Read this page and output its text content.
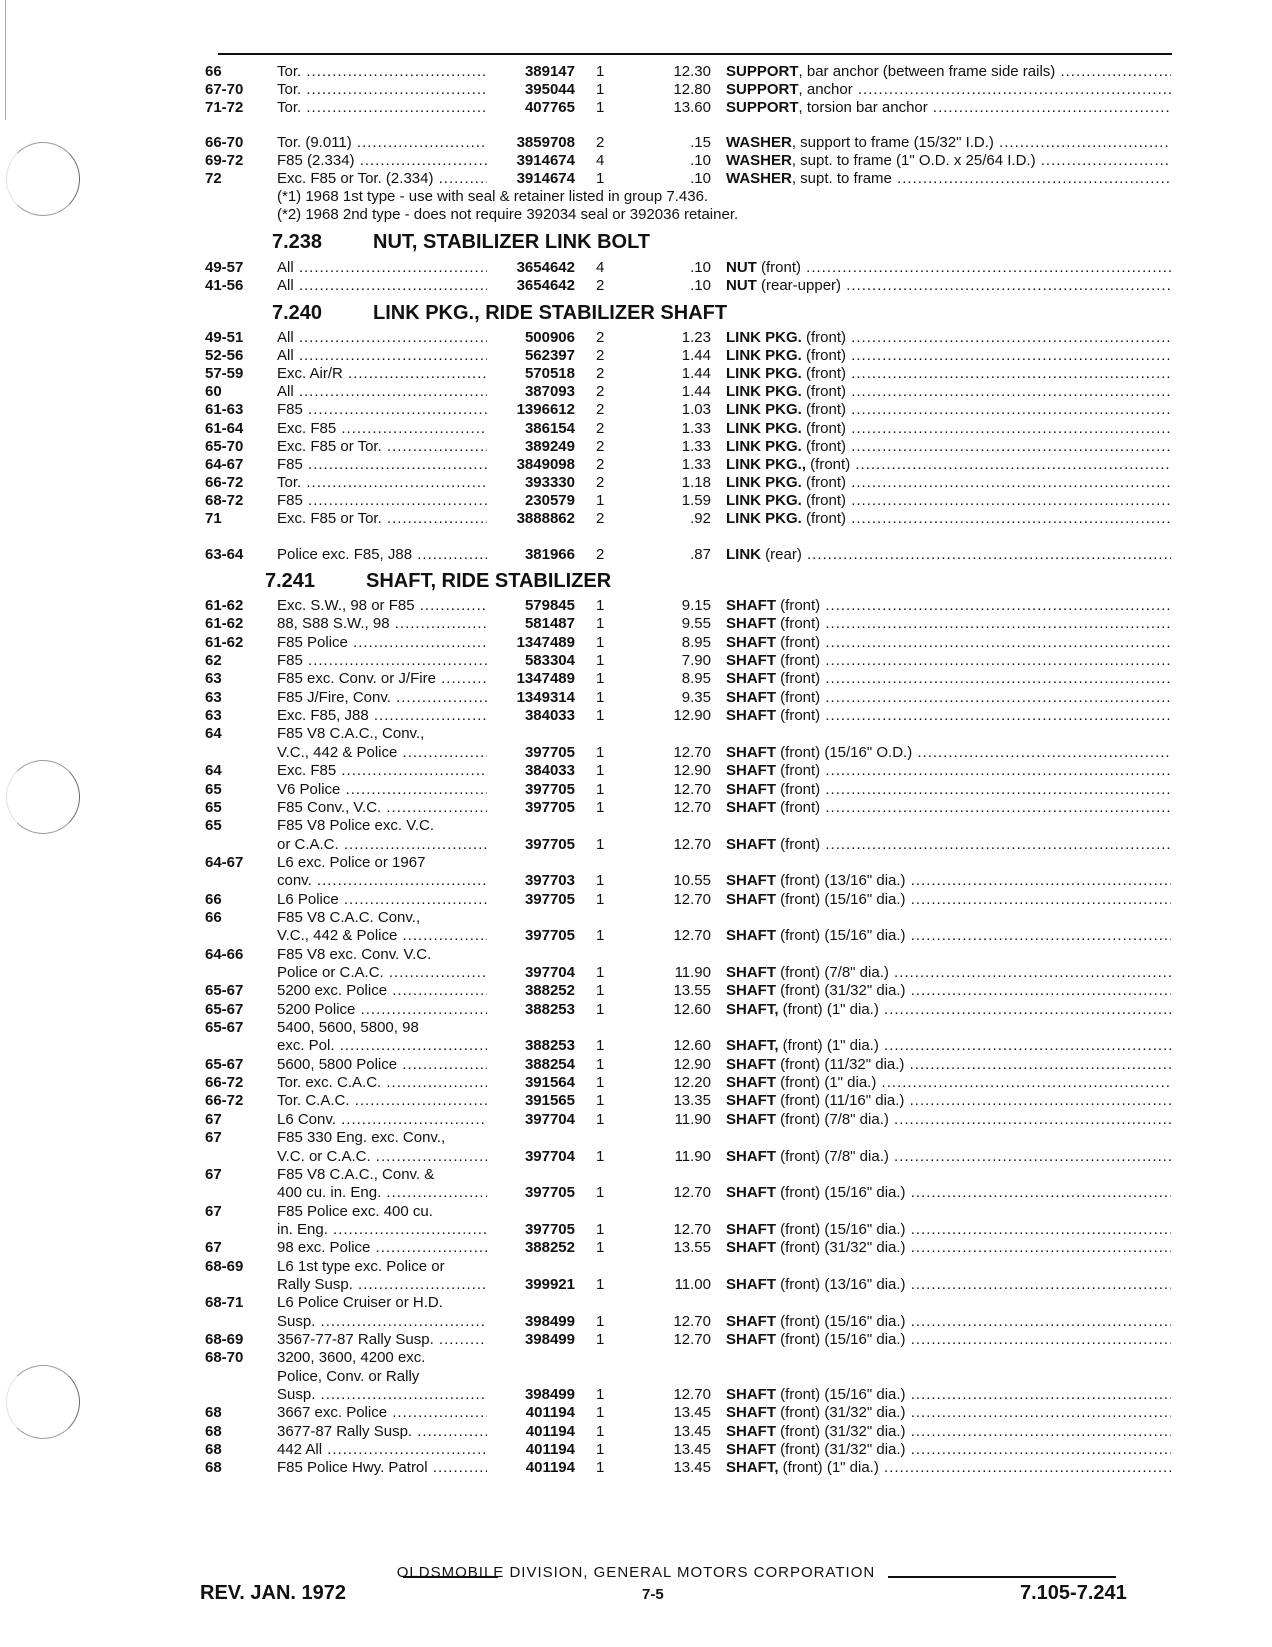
66	Tor. .....	389147 1	12.30 SUPPORT, bar anchor (between frame side rails) .....
67-70 Tor. .....	395044 1	12.80 SUPPORT, anchor .....
71-72 Tor. .....	407765 1	13.60 SUPPORT, torsion bar anchor .....
66-70 Tor. (9.011) .....	3859708 2	.15 WASHER, support to frame (15/32" I.D.) .....
69-72 F85 (2.334) .....	3914674 4	.10 WASHER, supt. to frame (1" O.D. x 25/64 I.D.) .....
72	Exc. F85 or Tor. (2.334) .....	3914674 1	.10 WASHER, supt. to frame .....
(*1) 1968 1st type - use with seal & retainer listed in group 7.436.
(*2) 1968 2nd type - does not require 392034 seal or 392036 retainer.
7.238	NUT, STABILIZER LINK BOLT
49-57 All .....	3654642 4	.10 NUT (front) .....
41-56 All .....	3654642 2	.10 NUT (rear-upper) .....
7.240	LINK PKG., RIDE STABILIZER SHAFT
49-51 All .....	500906 2	1.23 LINK PKG. (front) .....
52-56 All .....	562397 2	1.44 LINK PKG. (front) .....
57-59 Exc. Air/R .....	570518 2	1.44 LINK PKG. (front) .....
60	All .....	387093 2	1.44 LINK PKG. (front) .....
61-63 F85 .....	1396612 2	1.03 LINK PKG. (front) .....
61-64 Exc. F85 .....	386154 2	1.33 LINK PKG. (front) .....
65-70 Exc. F85 or Tor. .....	389249 2	1.33 LINK PKG. (front) .....
64-67 F85 .....	3849098 2	1.33 LINK PKG., (front) .....
66-72 Tor. .....	393330 2	1.18 LINK PKG. (front) .....
68-72 F85 .....	230579 1	1.59 LINK PKG. (front) .....
71	Exc. F85 or Tor. .....	3888862 2	.92 LINK PKG. (front) .....
63-64 Police exc. F85, J88 .....	381966 2	.87 LINK (rear) .....
7.241	SHAFT, RIDE STABILIZER
61-62 Exc. S.W., 98 or F85 .....	579845 1	9.15 SHAFT (front) .....
61-62 88, S88 S.W., 98 .....	581487 1	9.55 SHAFT (front) .....
61-62 F85 Police .....	1347489 1	8.95 SHAFT (front) .....
62	F85 .....	583304 1	7.90 SHAFT (front) .....
63	F85 exc. Conv. or J/Fire .....	1347489 1	8.95 SHAFT (front) .....
63	F85 J/Fire, Conv. .....	1349314 1	9.35 SHAFT (front) .....
63	Exc. F85, J88 .....	384033 1	12.90 SHAFT (front) .....
64	F85 V8 C.A.C., Conv.,
V.C., 442 & Police .....	397705 1	12.70 SHAFT (front) (15/16" O.D.) .....
64	Exc. F85 .....	384033 1	12.90 SHAFT (front) .....
65	V6 Police .....	397705 1	12.70 SHAFT (front) .....
65	F85 Conv., V.C. .....	397705 1	12.70 SHAFT (front) .....
65	F85 V8 Police exc. V.C.
or C.A.C. .....	397705 1	12.70 SHAFT (front) .....
64-67 L6 exc. Police or 1967
conv. .....	397703 1	10.55 SHAFT (front) (13/16" dia.) .....
66	L6 Police .....	397705 1	12.70 SHAFT (front) (15/16" dia.) .....
66	F85 V8 C.A.C. Conv.,
V.C., 442 & Police .....	397705 1	12.70 SHAFT (front) (15/16" dia.) .....
64-66 F85 V8 exc. Conv. V.C.
Police or C.A.C. .....	397704 1	11.90 SHAFT (front) (7/8" dia.) .....
65-67 5200 exc. Police .....	388252 1	13.55 SHAFT (front) (31/32" dia.) .....
65-67 5200 Police .....	388253 1	12.60 SHAFT, (front) (1" dia.) .....
65-67 5400, 5600, 5800, 98
exc. Pol. .....	388253 1	12.60 SHAFT, (front) (1" dia.) .....
65-67 5600, 5800 Police .....	388254 1	12.90 SHAFT (front) (11/32" dia.) .....
66-72 Tor. exc. C.A.C. .....	391564 1	12.20 SHAFT (front) (1" dia.) .....
66-72 Tor. C.A.C. .....	391565 1	13.35 SHAFT (front) (11/16" dia.) .....
67	L6 Conv. .....	397704 1	11.90 SHAFT (front) (7/8" dia.) .....
67	F85 330 Eng. exc. Conv.,
V.C. or C.A.C. .....	397704 1	11.90 SHAFT (front) (7/8" dia.) .....
67	F85 V8 C.A.C., Conv. &
400 cu. in. Eng. .....	397705 1	12.70 SHAFT (front) (15/16" dia.) .....
67	F85 Police exc. 400 cu.
in. Eng. .....	397705 1	12.70 SHAFT (front) (15/16" dia.) .....
67	98 exc. Police .....	388252 1	13.55 SHAFT (front) (31/32" dia.) .....
68-69 L6 1st type exc. Police or
Rally Susp. .....	399921 1	11.00 SHAFT (front) (13/16" dia.) .....
68-71 L6 Police Cruiser or H.D.
Susp. .....	398499 1	12.70 SHAFT (front) (15/16" dia.) .....
68-69 3567-77-87 Rally Susp. .....	398499 1	12.70 SHAFT (front) (15/16" dia.) .....
68-70 3200, 3600, 4200 exc.
Police, Conv. or Rally
Susp. .....	398499 1	12.70 SHAFT (front) (15/16" dia.) .....
68	3667 exc. Police .....	401194 1	13.45 SHAFT (front) (31/32" dia.) .....
68	3677-87 Rally Susp. .....	401194 1	13.45 SHAFT (front) (31/32" dia.) .....
68	442 All .....	401194 1	13.45 SHAFT (front) (31/32" dia.) .....
68	F85 Police Hwy. Patrol .....	401194 1	13.45 SHAFT, (front) (1" dia.) .....
OLDSMOBILE DIVISION, GENERAL MOTORS CORPORATION
REV. JAN. 1972	7-5	7.105-7.241
